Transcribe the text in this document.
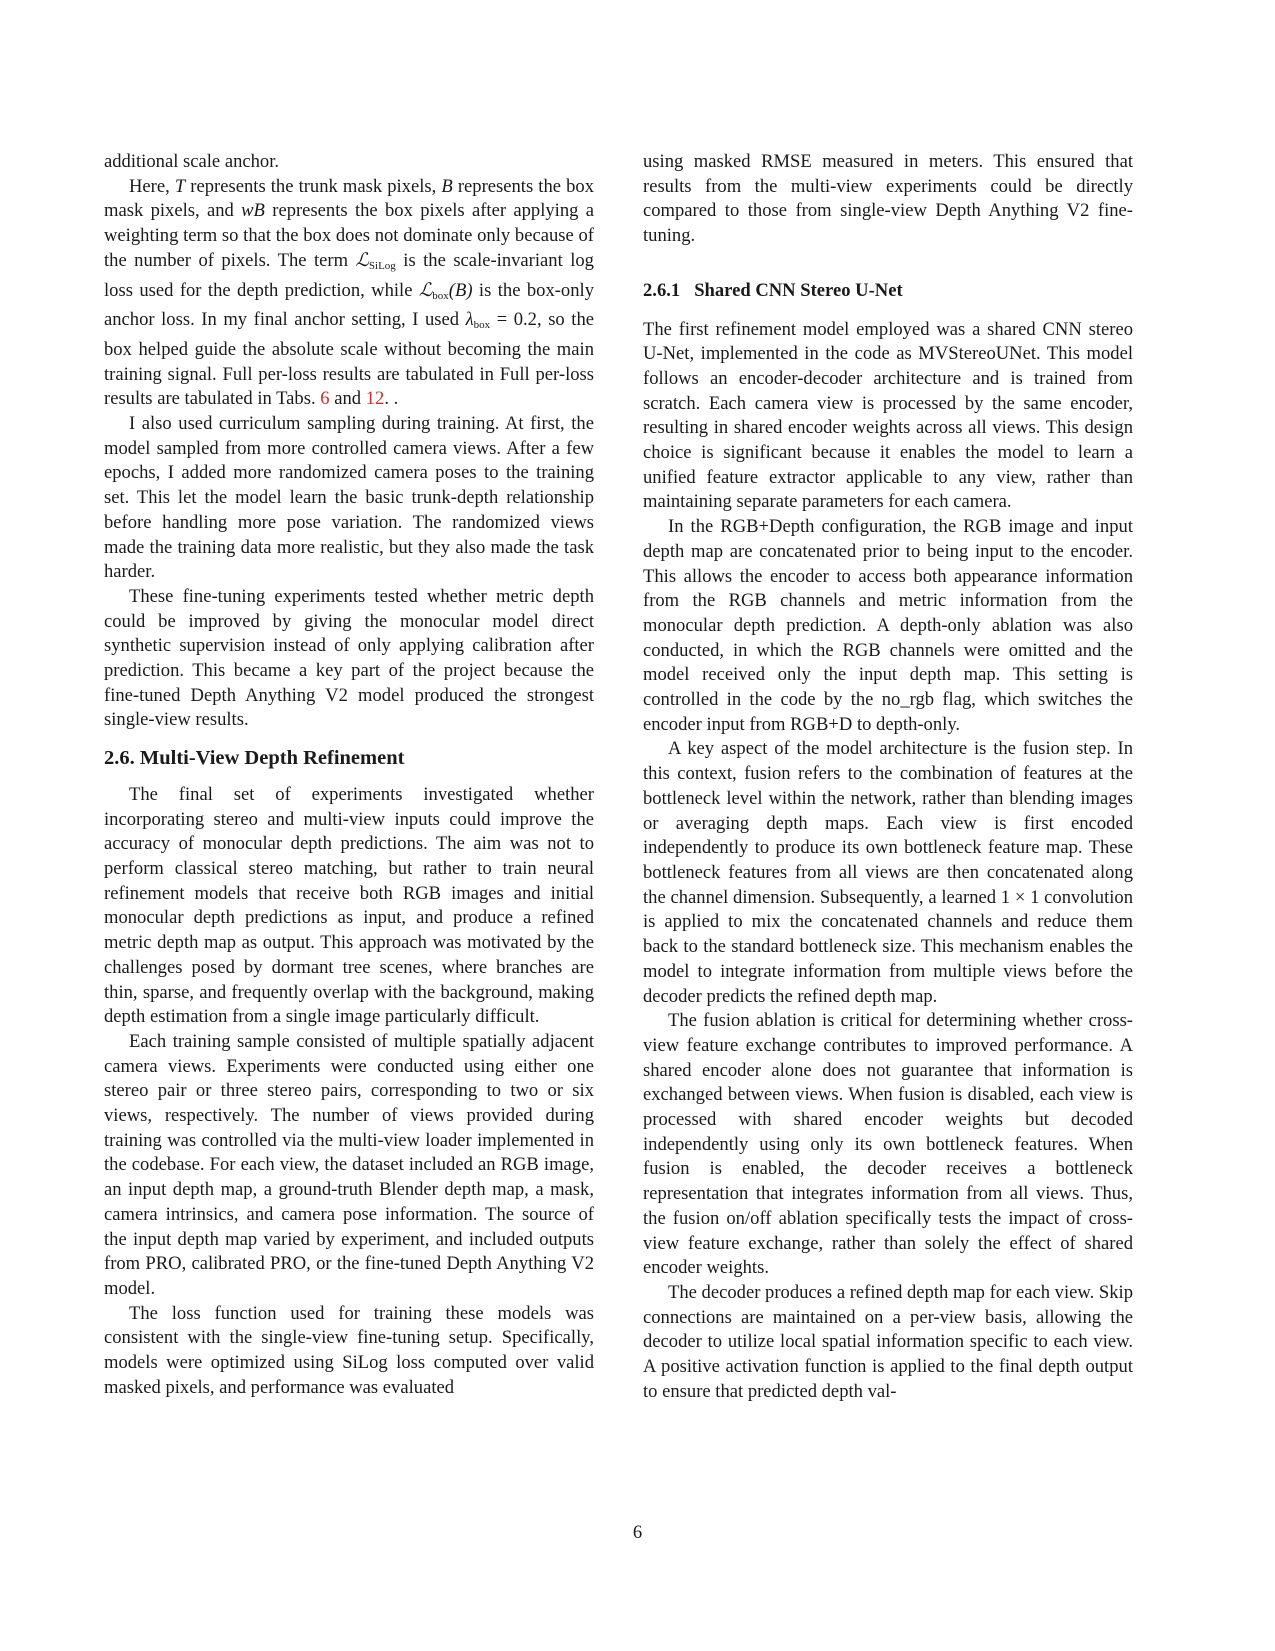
additional scale anchor.

Here, T represents the trunk mask pixels, B represents the box mask pixels, and wB represents the box pixels after applying a weighting term so that the box does not dominate only because of the number of pixels. The term ℒ$_{SiLog}$ is the scale-invariant log loss used for the depth prediction, while ℒ$_{box}$(B) is the box-only anchor loss. In my final anchor setting, I used $\lambda_{box} = 0.2$, so the box helped guide the absolute scale without becoming the main training signal. Full per-loss results are tabulated in Full per-loss results are tabulated in Tabs. 6 and 12. .

I also used curriculum sampling during training. At first, the model sampled from more controlled camera views. After a few epochs, I added more randomized camera poses to the training set. This let the model learn the basic trunk-depth relationship before handling more pose variation. The randomized views made the training data more realistic, but they also made the task harder.

These fine-tuning experiments tested whether metric depth could be improved by giving the monocular model direct synthetic supervision instead of only applying calibration after prediction. This became a key part of the project because the fine-tuned Depth Anything V2 model produced the strongest single-view results.

2.6. Multi-View Depth Refinement

The final set of experiments investigated whether incorporating stereo and multi-view inputs could improve the accuracy of monocular depth predictions. The aim was not to perform classical stereo matching, but rather to train neural refinement models that receive both RGB images and initial monocular depth predictions as input, and produce a refined metric depth map as output. This approach was motivated by the challenges posed by dormant tree scenes, where branches are thin, sparse, and frequently overlap with the background, making depth estimation from a single image particularly difficult.

Each training sample consisted of multiple spatially adjacent camera views. Experiments were conducted using either one stereo pair or three stereo pairs, corresponding to two or six views, respectively. The number of views provided during training was controlled via the multi-view loader implemented in the codebase. For each view, the dataset included an RGB image, an input depth map, a ground-truth Blender depth map, a mask, camera intrinsics, and camera pose information. The source of the input depth map varied by experiment, and included outputs from PRO, calibrated PRO, or the fine-tuned Depth Anything V2 model.

The loss function used for training these models was consistent with the single-view fine-tuning setup. Specifically, models were optimized using SiLog loss computed over valid masked pixels, and performance was evaluated

using masked RMSE measured in meters. This ensured that results from the multi-view experiments could be directly compared to those from single-view Depth Anything V2 fine-tuning.

2.6.1 Shared CNN Stereo U-Net

The first refinement model employed was a shared CNN stereo U-Net, implemented in the code as MVStereoUNet. This model follows an encoder-decoder architecture and is trained from scratch. Each camera view is processed by the same encoder, resulting in shared encoder weights across all views. This design choice is significant because it enables the model to learn a unified feature extractor applicable to any view, rather than maintaining separate parameters for each camera.

In the RGB+Depth configuration, the RGB image and input depth map are concatenated prior to being input to the encoder. This allows the encoder to access both appearance information from the RGB channels and metric information from the monocular depth prediction. A depth-only ablation was also conducted, in which the RGB channels were omitted and the model received only the input depth map. This setting is controlled in the code by the no_rgb flag, which switches the encoder input from RGB+D to depth-only.

A key aspect of the model architecture is the fusion step. In this context, fusion refers to the combination of features at the bottleneck level within the network, rather than blending images or averaging depth maps. Each view is first encoded independently to produce its own bottleneck feature map. These bottleneck features from all views are then concatenated along the channel dimension. Subsequently, a learned 1 × 1 convolution is applied to mix the concatenated channels and reduce them back to the standard bottleneck size. This mechanism enables the model to integrate information from multiple views before the decoder predicts the refined depth map.

The fusion ablation is critical for determining whether cross-view feature exchange contributes to improved performance. A shared encoder alone does not guarantee that information is exchanged between views. When fusion is disabled, each view is processed with shared encoder weights but decoded independently using only its own bottleneck features. When fusion is enabled, the decoder receives a bottleneck representation that integrates information from all views. Thus, the fusion on/off ablation specifically tests the impact of cross-view feature exchange, rather than solely the effect of shared encoder weights.

The decoder produces a refined depth map for each view. Skip connections are maintained on a per-view basis, allowing the decoder to utilize local spatial information specific to each view. A positive activation function is applied to the final depth output to ensure that predicted depth val-

6
